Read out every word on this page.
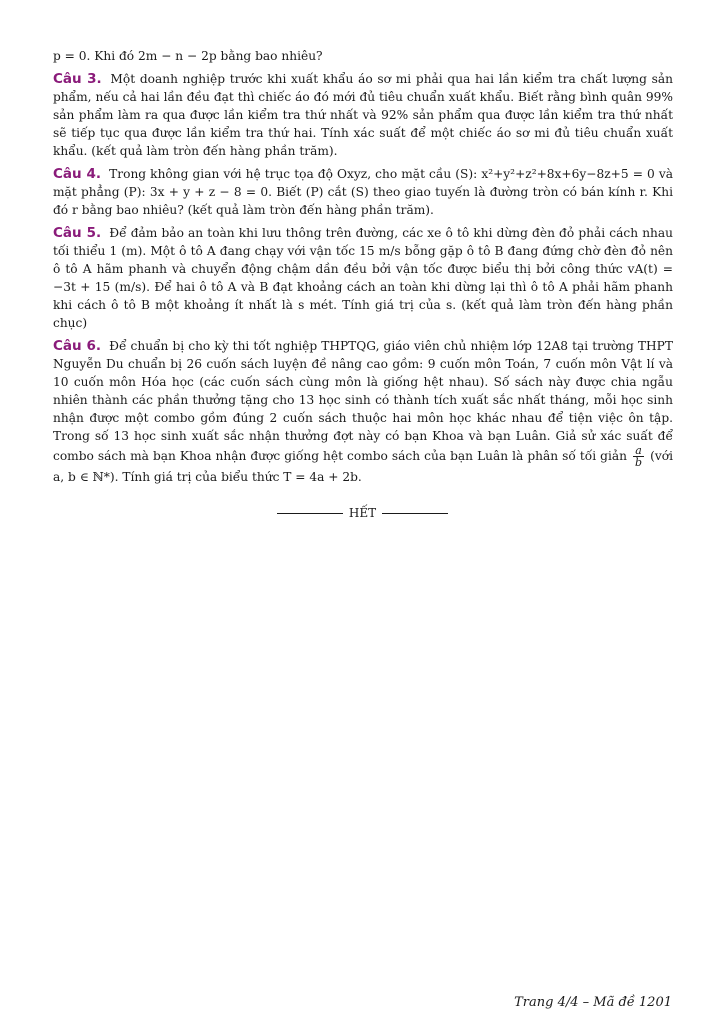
p = 0. Khi đó 2m − n − 2p bằng bao nhiêu?

Câu 3. Một doanh nghiệp trước khi xuất khẩu áo sơ mi phải qua hai lần kiểm tra chất lượng sản phẩm, nếu cả hai lần đều đạt thì chiếc áo đó mới đủ tiêu chuẩn xuất khẩu. Biết rằng bình quân 99% sản phẩm làm ra qua được lần kiểm tra thứ nhất và 92% sản phẩm qua được lần kiểm tra thứ nhất sẽ tiếp tục qua được lần kiểm tra thứ hai. Tính xác suất để một chiếc áo sơ mi đủ tiêu chuẩn xuất khẩu. (kết quả làm tròn đến hàng phần trăm).

Câu 4. Trong không gian với hệ trục tọa độ Oxyz, cho mặt cầu (S): x²+y²+z²+8x+6y−8z+5 = 0 và mặt phẳng (P): 3x + y + z − 8 = 0. Biết (P) cắt (S) theo giao tuyến là đường tròn có bán kính r. Khi đó r bằng bao nhiêu? (kết quả làm tròn đến hàng phần trăm).

Câu 5. Để đảm bảo an toàn khi lưu thông trên đường, các xe ô tô khi dừng đèn đỏ phải cách nhau tối thiểu 1 (m). Một ô tô A đang chạy với vận tốc 15 m/s bỗng gặp ô tô B đang đứng chờ đèn đỏ nên ô tô A hãm phanh và chuyển động chậm dần đều bởi vận tốc được biểu thị bởi công thức vA(t) = −3t + 15 (m/s). Để hai ô tô A và B đạt khoảng cách an toàn khi dừng lại thì ô tô A phải hãm phanh khi cách ô tô B một khoảng ít nhất là s mét. Tính giá trị của s. (kết quả làm tròn đến hàng phần chục)

Câu 6. Để chuẩn bị cho kỳ thi tốt nghiệp THPTQG, giáo viên chủ nhiệm lớp 12A8 tại trường THPT Nguyễn Du chuẩn bị 26 cuốn sách luyện đề nâng cao gồm: 9 cuốn môn Toán, 7 cuốn môn Vật lí và 10 cuốn môn Hóa học (các cuốn sách cùng môn là giống hệt nhau). Số sách này được chia ngẫu nhiên thành các phần thưởng tặng cho 13 học sinh có thành tích xuất sắc nhất tháng, mỗi học sinh nhận được một combo gồm đúng 2 cuốn sách thuộc hai môn học khác nhau để tiện việc ôn tập. Trong số 13 học sinh xuất sắc nhận thưởng đợt này có bạn Khoa và bạn Luân. Giả sử xác suất để combo sách mà bạn Khoa nhận được giống hệt combo sách của bạn Luân là phân số tối giản $\frac{a}{b}$ (với a, b ∈ ℕ*). Tính giá trị của biểu thức T = 4a + 2b.

HẾT
Trang 4/4 – Mã đề 1201
